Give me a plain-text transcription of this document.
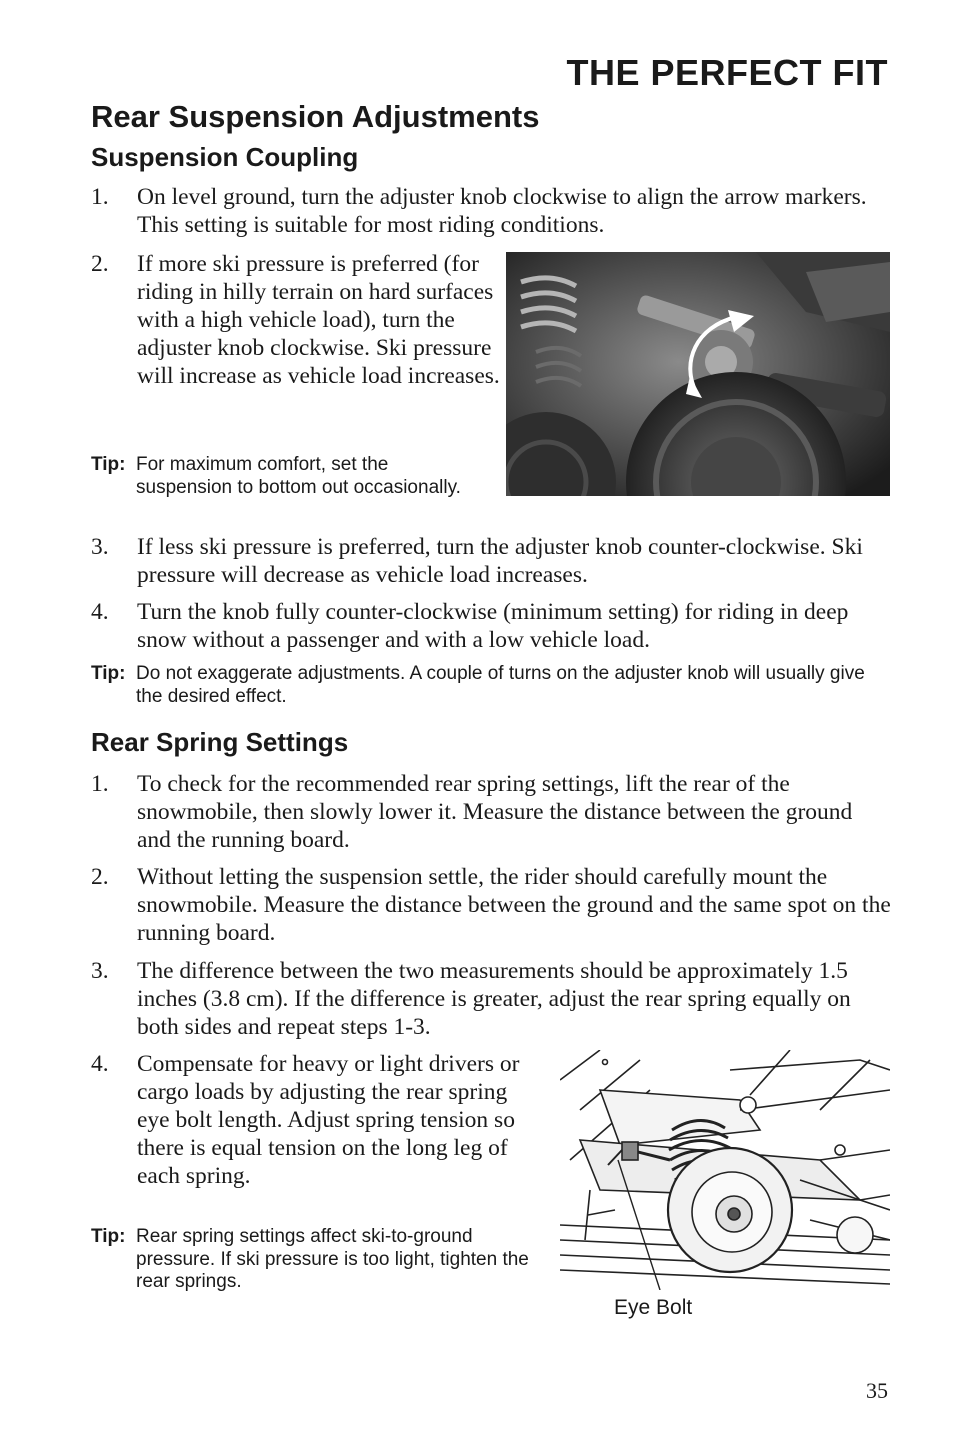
THE PERFECT FIT
Rear Suspension Adjustments
Suspension Coupling
1. On level ground, turn the adjuster knob clockwise to align the arrow markers. This setting is suitable for most riding conditions.
2. If more ski pressure is preferred (for riding in hilly terrain on hard surfaces with a high vehicle load), turn the adjuster knob clockwise. Ski pressure will increase as vehicle load increases.
Tip: For maximum comfort, set the suspension to bottom out occasionally.
3. If less ski pressure is preferred, turn the adjuster knob counter-clockwise. Ski pressure will decrease as vehicle load increases.
4. Turn the knob fully counter-clockwise (minimum setting) for riding in deep snow without a passenger and with a low vehicle load.
Tip: Do not exaggerate adjustments. A couple of turns on the adjuster knob will usually give the desired effect.
Rear Spring Settings
1. To check for the recommended rear spring settings, lift the rear of the snowmobile, then slowly lower it. Measure the distance between the ground and the running board.
2. Without letting the suspension settle, the rider should carefully mount the snowmobile. Measure the distance between the ground and the same spot on the running board.
3. The difference between the two measurements should be approximately 1.5 inches (3.8 cm). If the difference is greater, adjust the rear spring equally on both sides and repeat steps 1-3.
4. Compensate for heavy or light drivers or cargo loads by adjusting the rear spring eye bolt length. Adjust spring tension so there is equal tension on the long leg of each spring.
Tip: Rear spring settings affect ski-to-ground pressure. If ski pressure is too light, tighten the rear springs.
Eye Bolt
35
